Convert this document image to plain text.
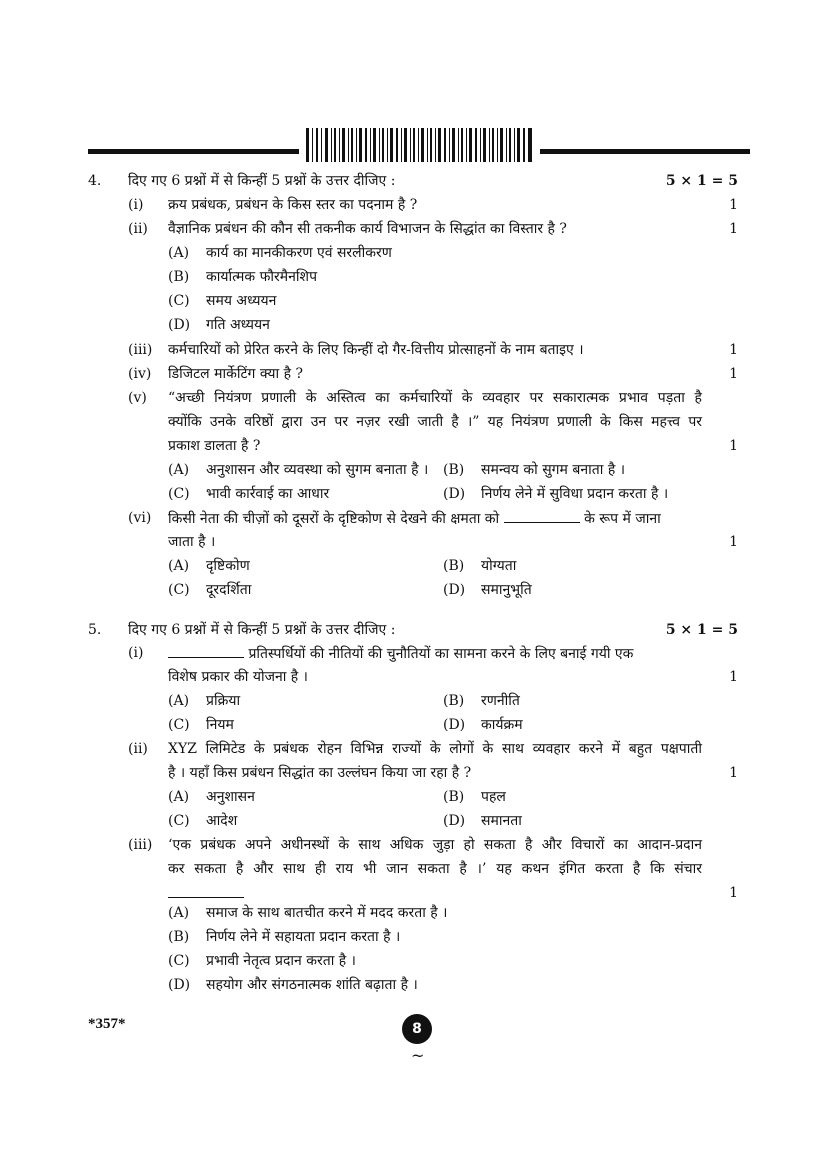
4. दिए गए 6 प्रश्नों में से किन्हीं 5 प्रश्नों के उत्तर दीजिए :	5 × 1 = 5
(i) क्रय प्रबंधक, प्रबंधन के किस स्तर का पदनाम है ?	1
(ii) वैज्ञानिक प्रबंधन की कौन सी तकनीक कार्य विभाजन के सिद्धांत का विस्तार है ?	1
(A) कार्य का मानकीकरण एवं सरलीकरण
(B) कार्यात्मक फौरमैनशिप
(C) समय अध्ययन
(D) गति अध्ययन
(iii) कर्मचारियों को प्रेरित करने के लिए किन्हीं दो गैर-वित्तीय प्रोत्साहनों के नाम बताइए ।	1
(iv) डिजिटल मार्केटिंग क्या है ?	1
(v) “अच्छी नियंत्रण प्रणाली के अस्तित्व का कर्मचारियों के व्यवहार पर सकारात्मक प्रभाव पड़ता है
क्योंकि उनके वरिष्ठों द्वारा उन पर नज़र रखी जाती है ।” यह नियंत्रण प्रणाली के किस महत्त्व पर
प्रकाश डालता है ?	1
(A) अनुशासन और व्यवस्था को सुगम बनाता है । (B) समन्वय को सुगम बनाता है ।
(C) भावी कार्रवाई का आधार	(D) निर्णय लेने में सुविधा प्रदान करता है ।
(vi) किसी नेता की चीज़ों को दूसरों के दृष्टिकोण से देखने की क्षमता को	के रूप में जाना
जाता है ।	1
(A) दृष्टिकोण	(B) योग्यता
(C) दूरदर्शिता	(D) समानुभूति
5. दिए गए 6 प्रश्नों में से किन्हीं 5 प्रश्नों के उत्तर दीजिए :	5 × 1 = 5
(i)	प्रतिस्पर्धियों की नीतियों की चुनौतियों का सामना करने के लिए बनाई गयी एक
विशेष प्रकार की योजना है ।	1
(A) प्रक्रिया	(B) रणनीति
(C) नियम	(D) कार्यक्रम
(ii) XYZ लिमिटेड के प्रबंधक रोहन विभिन्न राज्यों के लोगों के साथ व्यवहार करने में बहुत पक्षपाती
है । यहाँ किस प्रबंधन सिद्धांत का उल्लंघन किया जा रहा है ?	1
(A) अनुशासन	(B) पहल
(C) आदेश	(D) समानता
(iii) ‘एक प्रबंधक अपने अधीनस्थों के साथ अधिक जुड़ा हो सकता है और विचारों का आदान-प्रदान
कर सकता है और साथ ही राय भी जान सकता है ।’ यह कथन इंगित करता है कि संचार
1
(A) समाज के साथ बातचीत करने में मदद करता है ।
(B) निर्णय लेने में सहायता प्रदान करता है ।
(C) प्रभावी नेतृत्व प्रदान करता है ।
(D) सहयोग और संगठनात्मक शांति बढ़ाता है ।
*357*	8
~
